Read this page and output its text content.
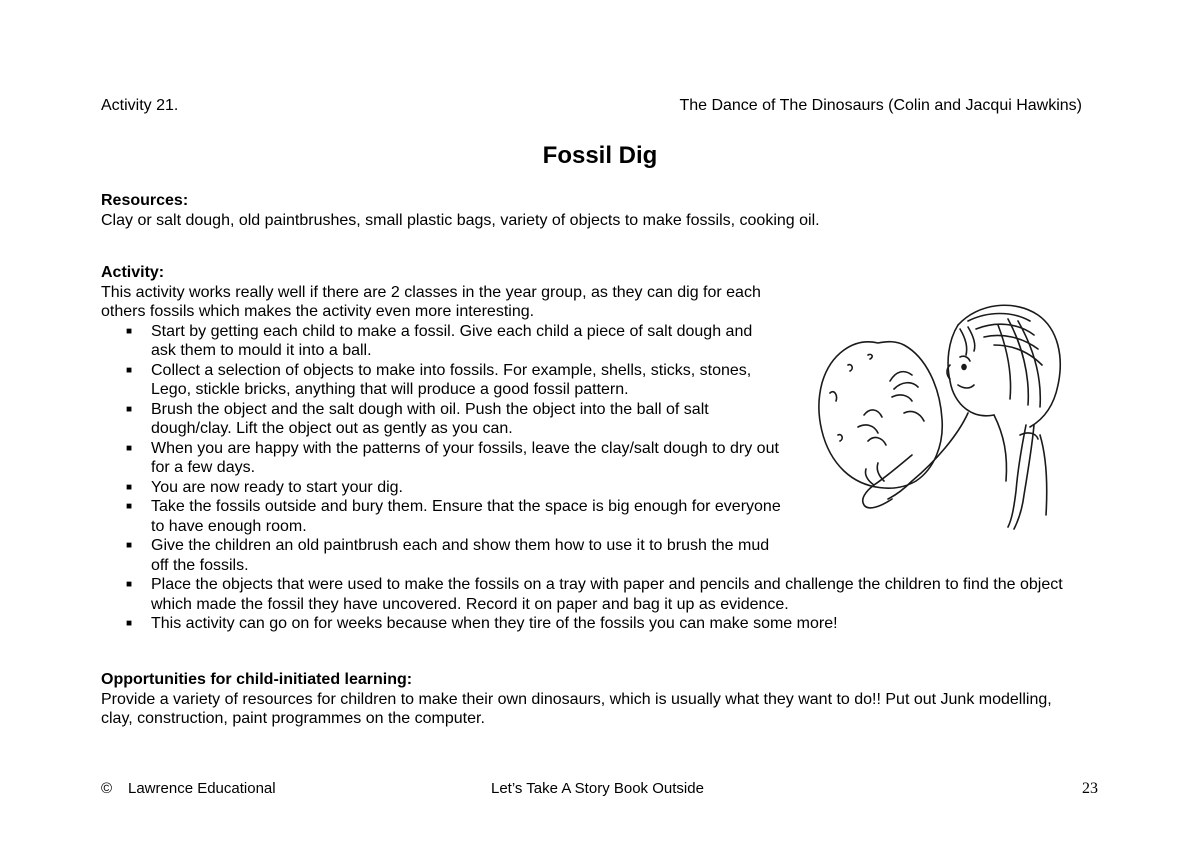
Activity 21.	The Dance of The Dinosaurs (Colin and Jacqui Hawkins)
Fossil Dig
Resources:
Clay or salt dough, old paintbrushes, small plastic bags, variety of objects to make fossils, cooking oil.
Activity:
This activity works really well if there are 2 classes in the year group, as they can dig for each others fossils which makes the activity even more interesting.
■ Start by getting each child to make a fossil. Give each child a piece of salt dough and ask them to mould it into a ball.
■ Collect a selection of objects to make into fossils. For example, shells, sticks, stones, Lego, stickle bricks, anything that will produce a good fossil pattern.
■ Brush the object and the salt dough with oil. Push the object into the ball of salt dough/clay. Lift the object out as gently as you can.
■ When you are happy with the patterns of your fossils, leave the clay/salt dough to dry out for a few days.
■ You are now ready to start your dig.
■ Take the fossils outside and bury them. Ensure that the space is big enough for everyone to have enough room.
■ Give the children an old paintbrush each and show them how to use it to brush the mud off the fossils.
■ Place the objects that were used to make the fossils on a tray with paper and pencils and challenge the children to find the object which made the fossil they have uncovered. Record it on paper and bag it up as evidence.
■ This activity can go on for weeks because when they tire of the fossils you can make some more!
Opportunities for child-initiated learning:
Provide a variety of resources for children to make their own dinosaurs, which is usually what they want to do!! Put out Junk modelling, clay, construction, paint programmes on the computer.
© Lawrence Educational	Let’s Take A Story Book Outside	23
